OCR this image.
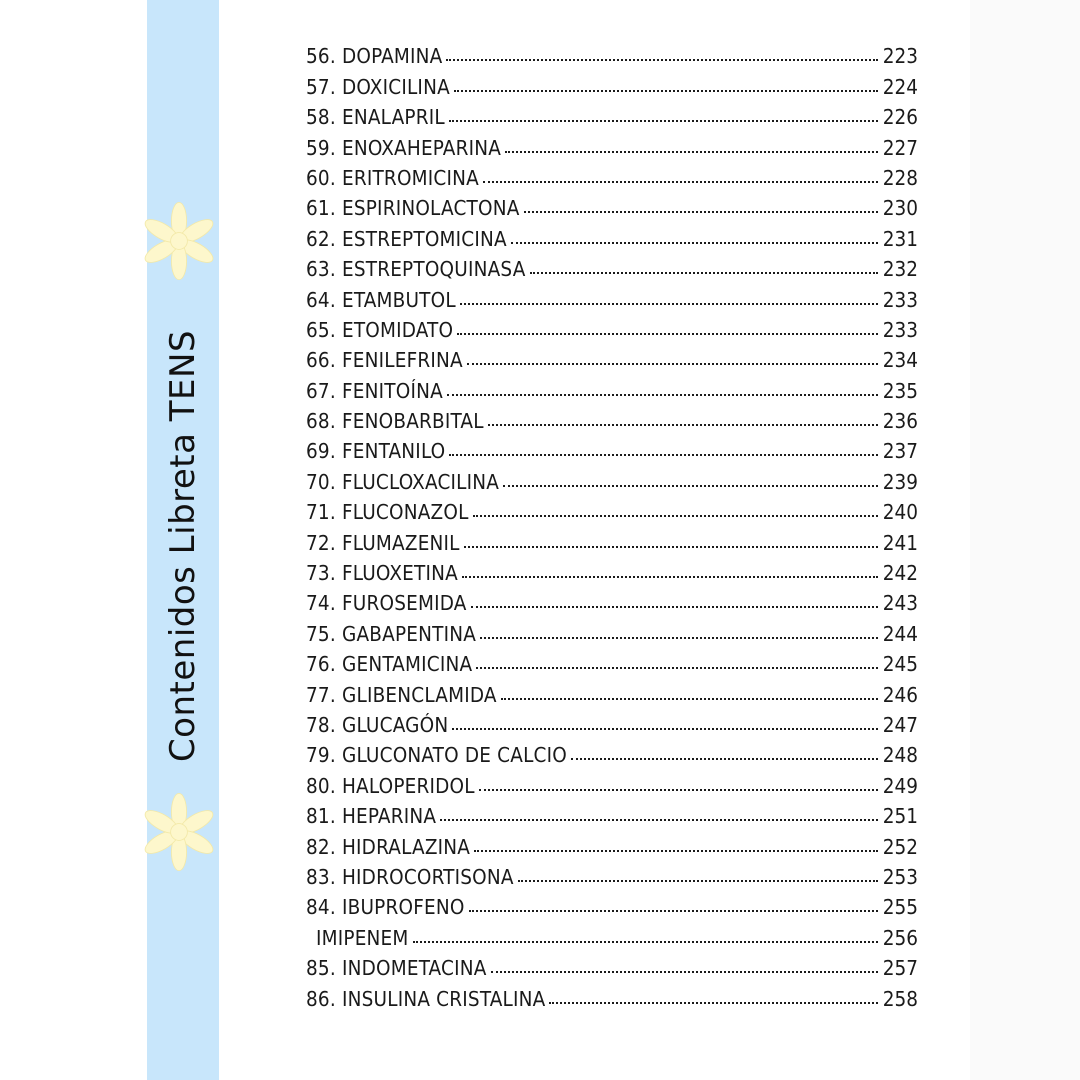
Contenidos Libreta TENS
56. DOPAMINA	223
57. DOXICILINA	224
58. ENALAPRIL	226
59. ENOXAHEPARINA	227
60. ERITROMICINA	228
61. ESPIRINOLACTONA	230
62. ESTREPTOMICINA	231
63. ESTREPTOQUINASA	232
64. ETAMBUTOL	233
65. ETOMIDATO	233
66. FENILEFRINA	234
67. FENITOÍNA	235
68. FENOBARBITAL	236
69. FENTANILO	237
70. FLUCLOXACILINA	239
71. FLUCONAZOL	240
72. FLUMAZENIL	241
73. FLUOXETINA	242
74. FUROSEMIDA	243
75. GABAPENTINA	244
76. GENTAMICINA	245
77. GLIBENCLAMIDA	246
78. GLUCAGÓN	247
79. GLUCONATO DE CALCIO	248
80. HALOPERIDOL	249
81. HEPARINA	251
82. HIDRALAZINA	252
83. HIDROCORTISONA	253
84. IBUPROFENO	255
IMIPENEM	256
85. INDOMETACINA	257
86. INSULINA CRISTALINA	258
